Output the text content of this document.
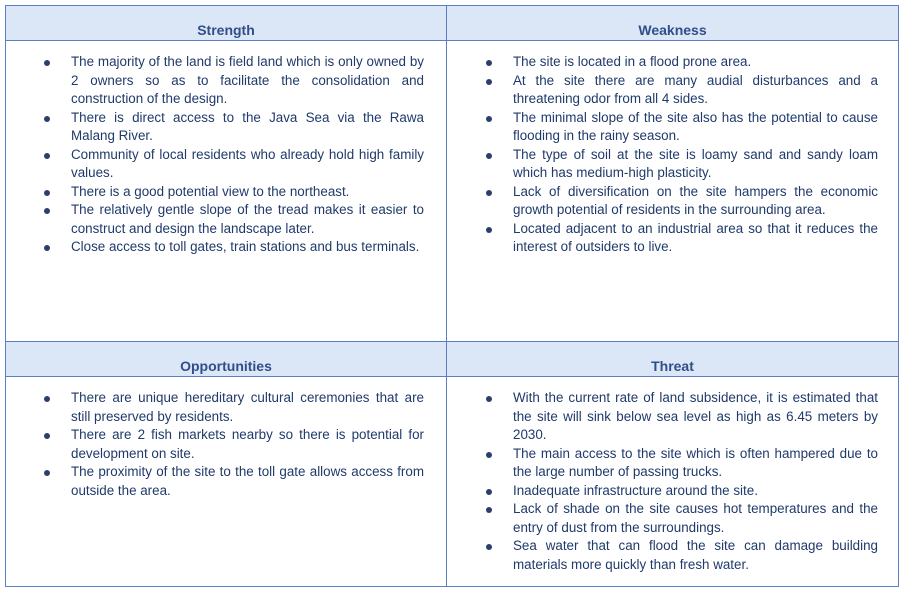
Strength
The majority of the land is field land which is only owned by 2 owners so as to facilitate the consolidation and construction of the design.
There is direct access to the Java Sea via the Rawa Malang River.
Community of local residents who already hold high family values.
There is a good potential view to the northeast.
The relatively gentle slope of the tread makes it easier to construct and design the landscape later.
Close access to toll gates, train stations and bus terminals.
Weakness
The site is located in a flood prone area.
At the site there are many audial disturbances and a threatening odor from all 4 sides.
The minimal slope of the site also has the potential to cause flooding in the rainy season.
The type of soil at the site is loamy sand and sandy loam which has medium-high plasticity.
Lack of diversification on the site hampers the economic growth potential of residents in the surrounding area.
Located adjacent to an industrial area so that it reduces the interest of outsiders to live.
Opportunities
There are unique hereditary cultural ceremonies that are still preserved by residents.
There are 2 fish markets nearby so there is potential for development on site.
The proximity of the site to the toll gate allows access from outside the area.
Threat
With the current rate of land subsidence, it is estimated that the site will sink below sea level as high as 6.45 meters by 2030.
The main access to the site which is often hampered due to the large number of passing trucks.
Inadequate infrastructure around the site.
Lack of shade on the site causes hot temperatures and the entry of dust from the surroundings.
Sea water that can flood the site can damage building materials more quickly than fresh water.
